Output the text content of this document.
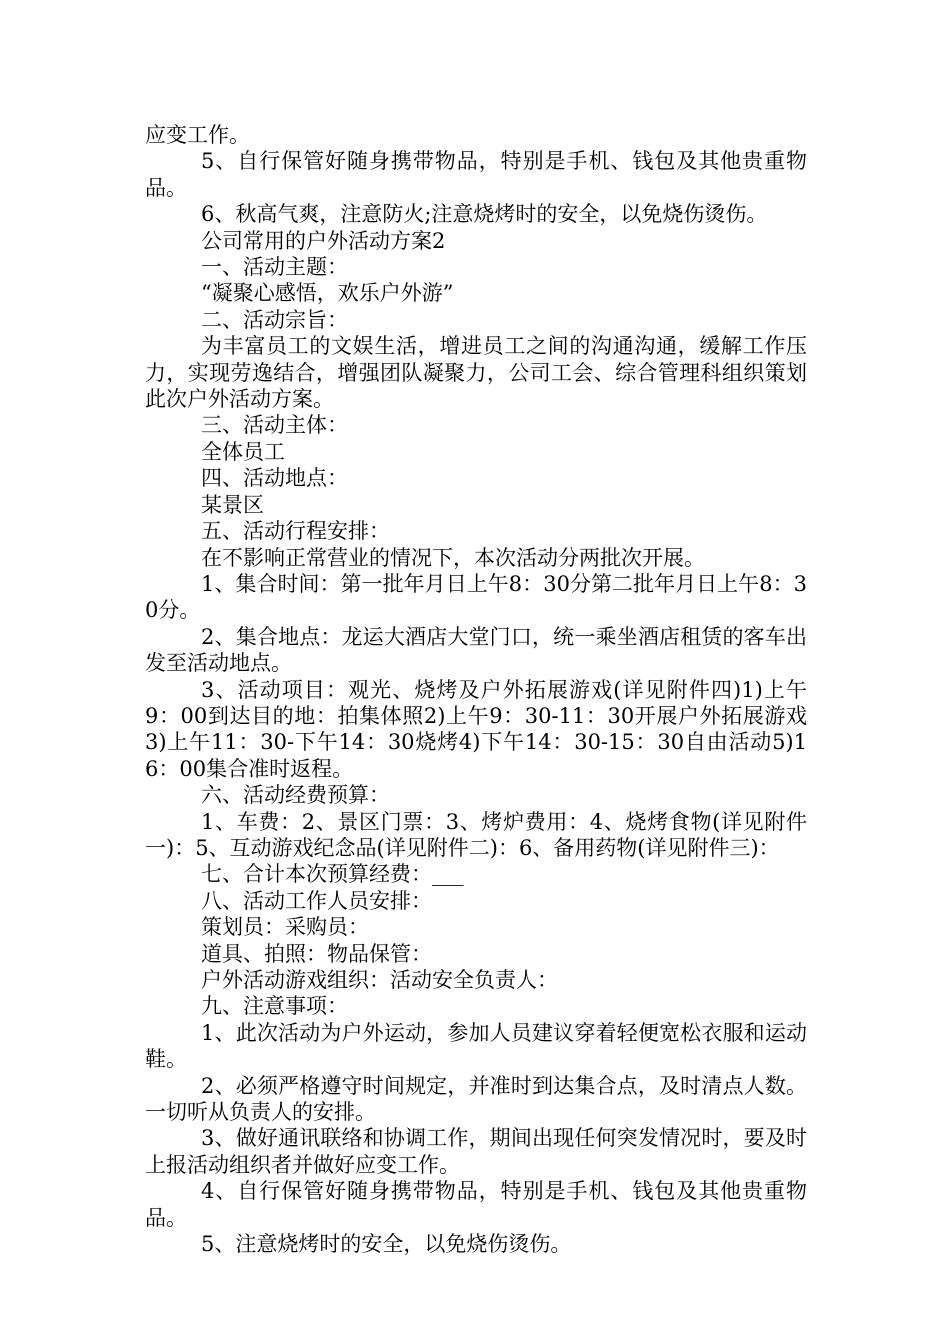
应变工作。

5、自行保管好随身携带物品，特别是手机、钱包及其他贵重物品。

6、秋高气爽，注意防火;注意烧烤时的安全，以免烧伤烫伤。

公司常用的户外活动方案2

一、活动主题：

“凝聚心感悟，欢乐户外游”

二、活动宗旨：

为丰富员工的文娱生活，增进员工之间的沟通沟通，缓解工作压力，实现劳逸结合，增强团队凝聚力，公司工会、综合管理科组织策划此次户外活动方案。

三、活动主体：

全体员工

四、活动地点：

某景区

五、活动行程安排：

在不影响正常营业的情况下，本次活动分两批次开展。

1、集合时间：第一批年月日上午8：30分第二批年月日上午8：30分。

2、集合地点：龙运大酒店大堂门口，统一乘坐酒店租赁的客车出发至活动地点。

3、活动项目：观光、烧烤及户外拓展游戏(详见附件四)1)上午9：00到达目的地：拍集体照2)上午9：30-11：30开展户外拓展游戏3)上午11：30-下午14：30烧烤4)下午14：30-15：30自由活动5)16：00集合准时返程。

六、活动经费预算：

1、车费：2、景区门票：3、烤炉费用：4、烧烤食物(详见附件一)：5、互动游戏纪念品(详见附件二)：6、备用药物(详见附件三)：

七、合计本次预算经费：___

八、活动工作人员安排：

策划员：采购员：

道具、拍照：物品保管：

户外活动游戏组织：活动安全负责人：

九、注意事项：

1、此次活动为户外运动，参加人员建议穿着轻便宽松衣服和运动鞋。

2、必须严格遵守时间规定，并准时到达集合点，及时清点人数。一切听从负责人的安排。

3、做好通讯联络和协调工作，期间出现任何突发情况时，要及时上报活动组织者并做好应变工作。

4、自行保管好随身携带物品，特别是手机、钱包及其他贵重物品。

5、注意烧烤时的安全，以免烧伤烫伤。
